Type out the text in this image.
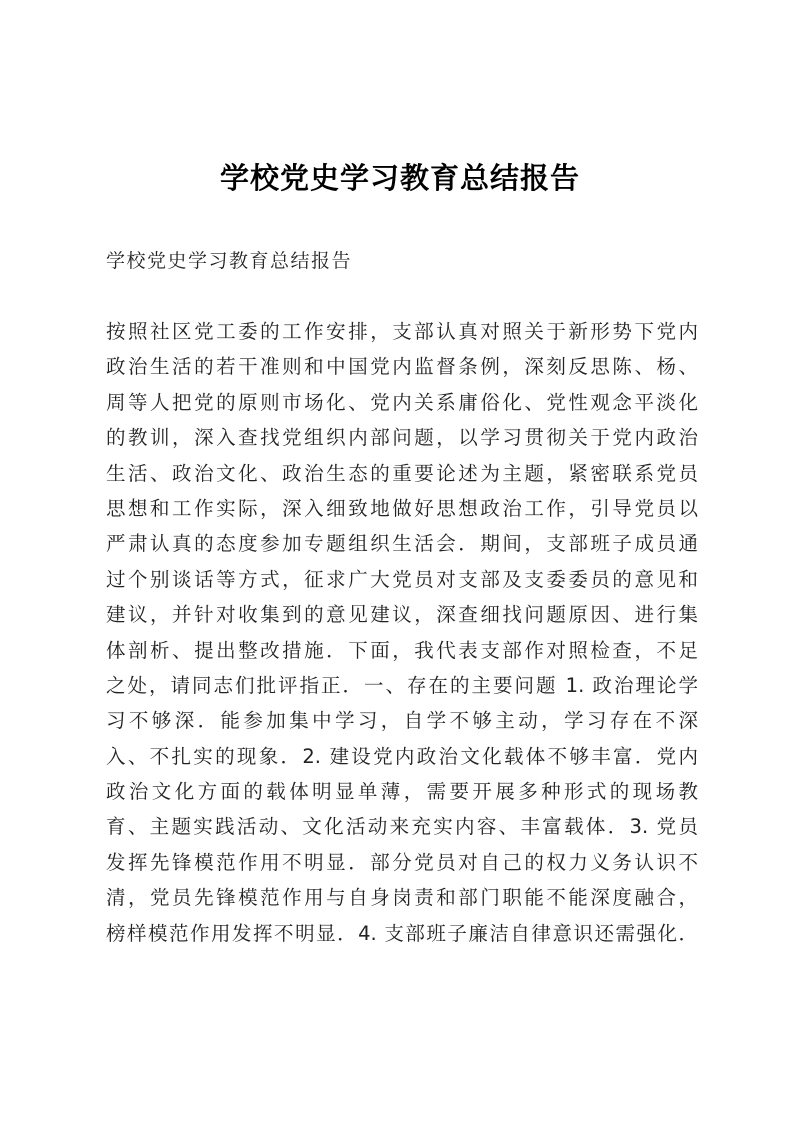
学校党史学习教育总结报告

学校党史学习教育总结报告

按照社区党工委的工作安排，支部认真对照关于新形势下党内
政治生活的若干准则和中国党内监督条例，深刻反思陈、杨、
周等人把党的原则市场化、党内关系庸俗化、党性观念平淡化
的教训，深入查找党组织内部问题，以学习贯彻关于党内政治
生活、政治文化、政治生态的重要论述为主题，紧密联系党员
思想和工作实际，深入细致地做好思想政治工作，引导党员以
严肃认真的态度参加专题组织生活会．期间，支部班子成员通
过个别谈话等方式，征求广大党员对支部及支委委员的意见和
建议，并针对收集到的意见建议，深查细找问题原因、进行集
体剖析、提出整改措施．下面，我代表支部作对照检查，不足
之处，请同志们批评指正．一、存在的主要问题 1. 政治理论学
习不够深．能参加集中学习，自学不够主动，学习存在不深
入、不扎实的现象．2. 建设党内政治文化载体不够丰富．党内
政治文化方面的载体明显单薄，需要开展多种形式的现场教
育、主题实践活动、文化活动来充实内容、丰富载体．3. 党员
发挥先锋模范作用不明显．部分党员对自己的权力义务认识不
清，党员先锋模范作用与自身岗责和部门职能不能深度融合，
榜样模范作用发挥不明显．4. 支部班子廉洁自律意识还需强化．
